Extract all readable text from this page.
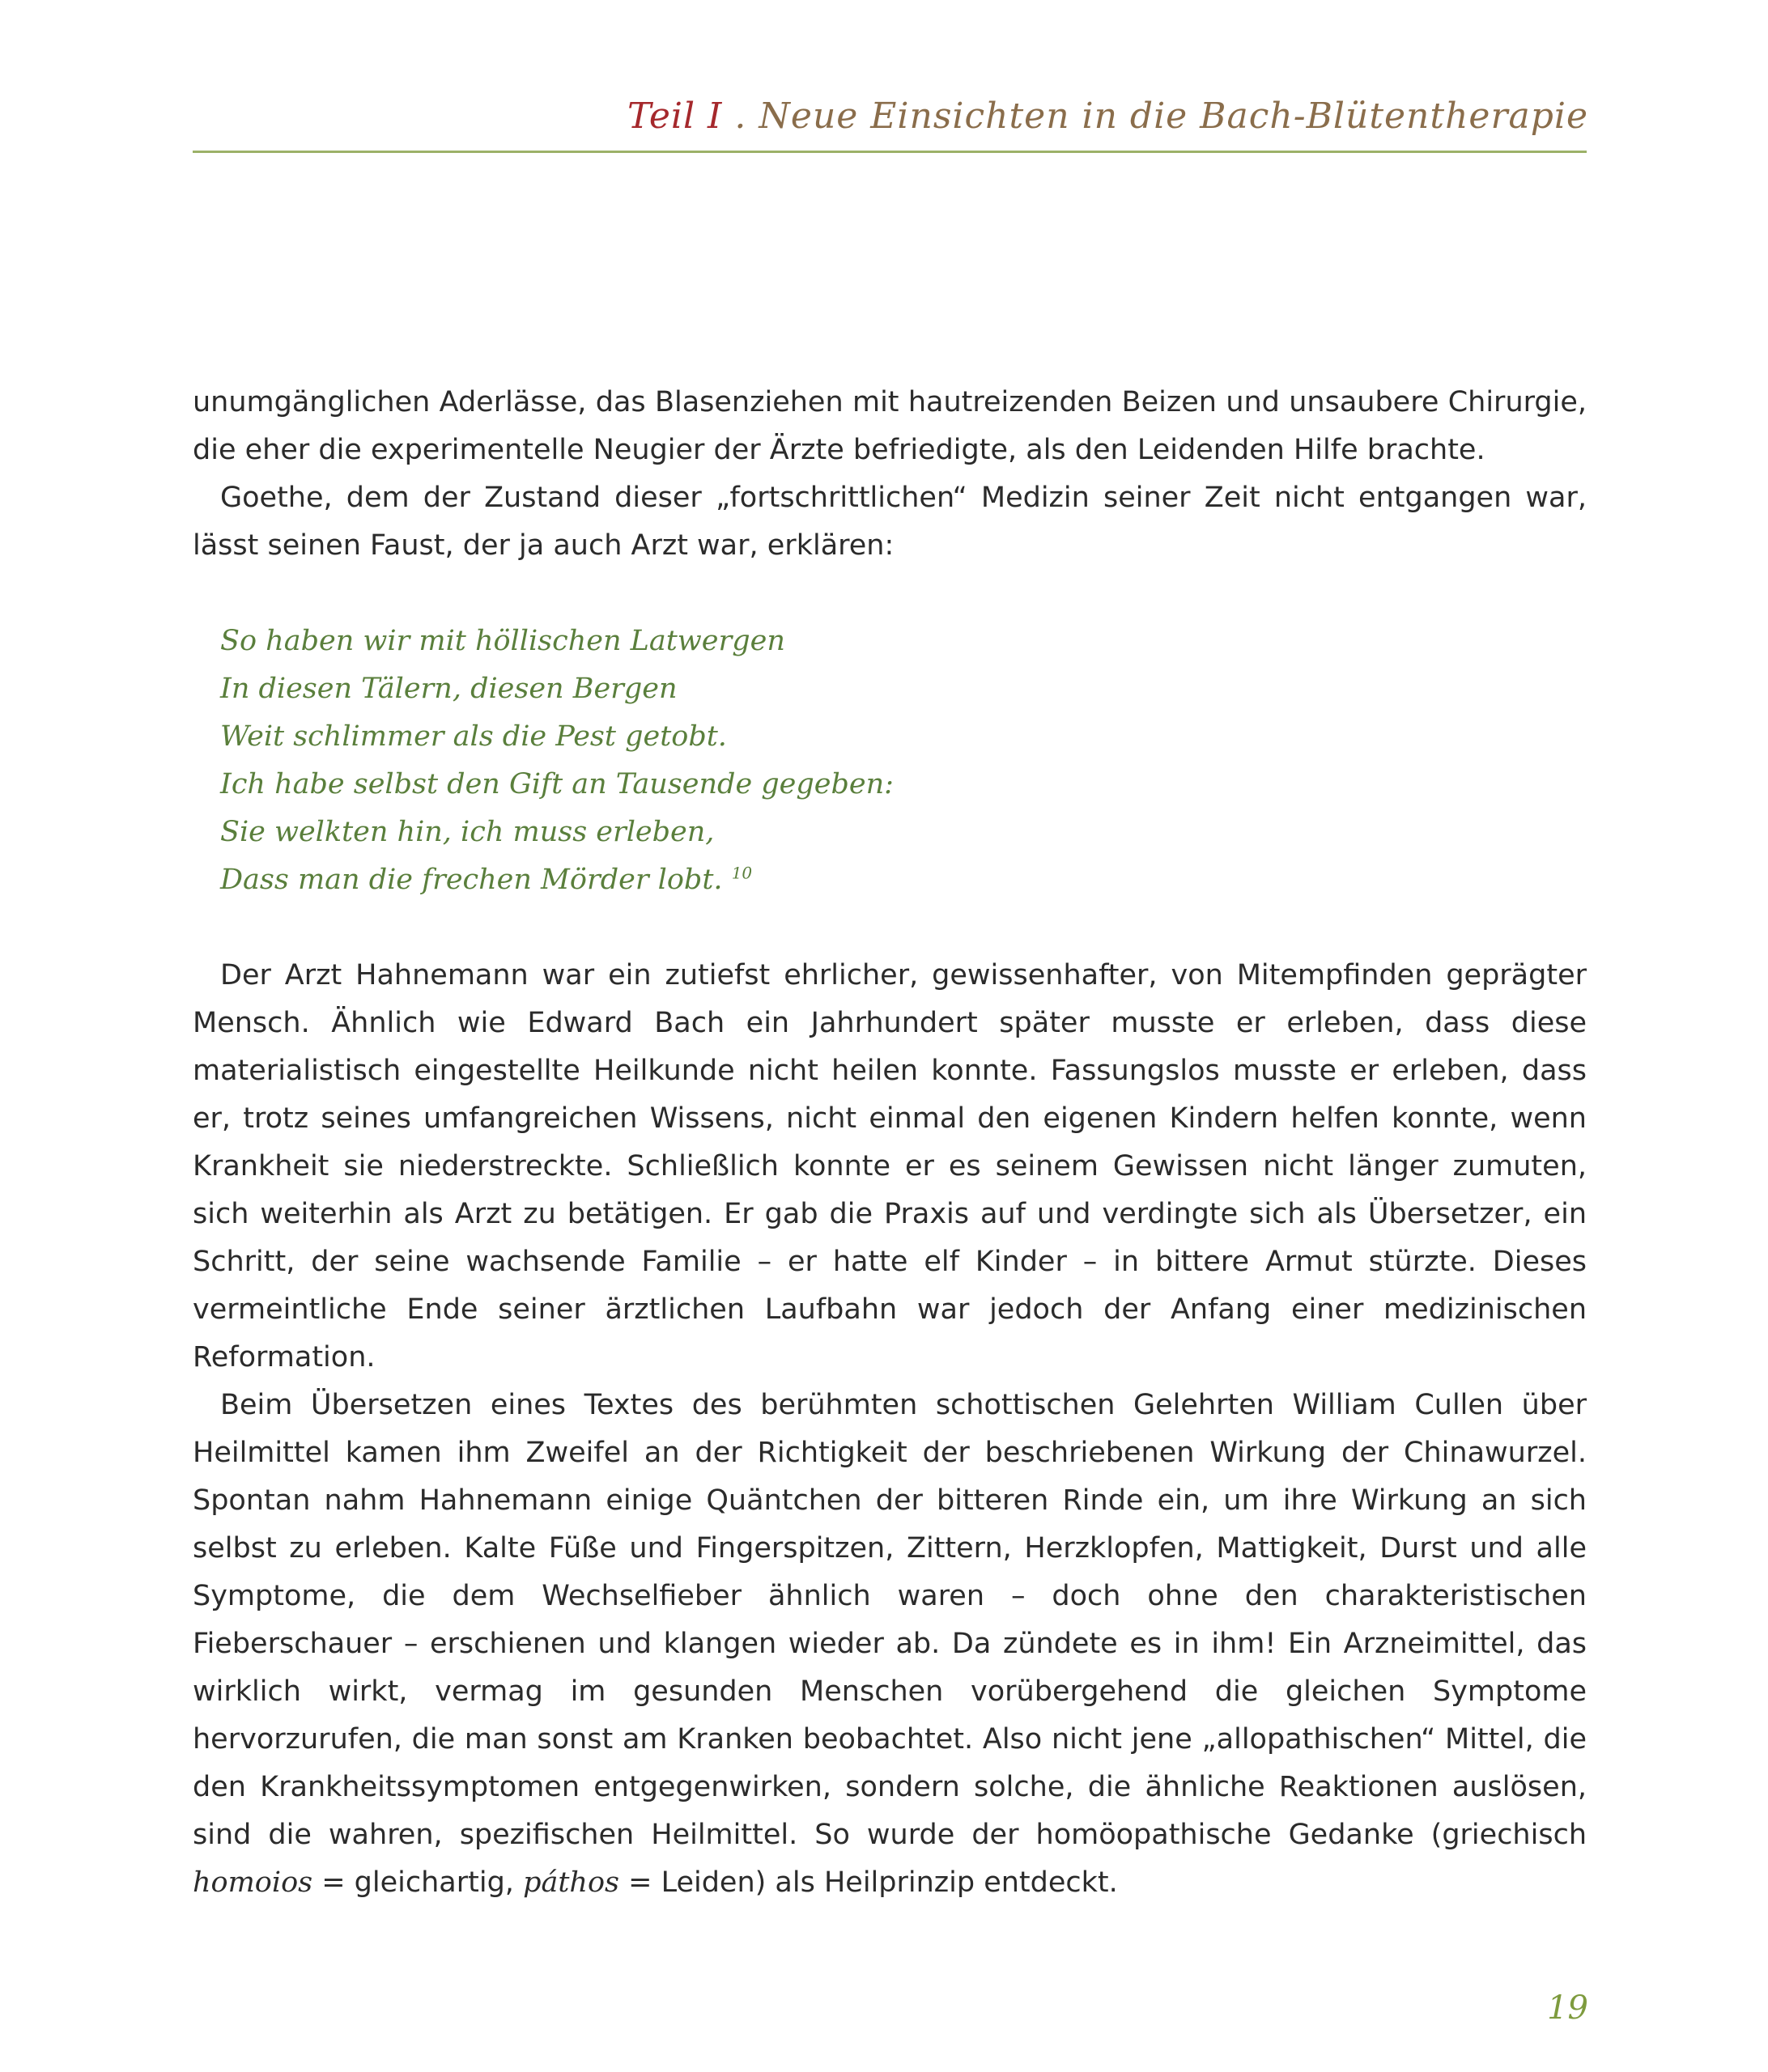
Teil I . Neue Einsichten in die Bach-Blütentherapie

unumgänglichen Aderlässe, das Blasenziehen mit hautreizenden Beizen und unsaubere Chirurgie, die eher die experimentelle Neugier der Ärzte befriedigte, als den Leidenden Hilfe brachte.

Goethe, dem der Zustand dieser „fortschrittlichen“ Medizin seiner Zeit nicht entgangen war, lässt seinen Faust, der ja auch Arzt war, erklären:

So haben wir mit höllischen Latwergen
In diesen Tälern, diesen Bergen
Weit schlimmer als die Pest getobt.
Ich habe selbst den Gift an Tausende gegeben:
Sie welkten hin, ich muss erleben,
Dass man die frechen Mörder lobt. $^{10}$

Der Arzt Hahnemann war ein zutiefst ehrlicher, gewissenhafter, von Mitempfinden geprägter Mensch. Ähnlich wie Edward Bach ein Jahrhundert später musste er erleben, dass diese materialistisch eingestellte Heilkunde nicht heilen konnte. Fassungslos musste er erleben, dass er, trotz seines umfangreichen Wissens, nicht einmal den eigenen Kindern helfen konnte, wenn Krankheit sie niederstreckte. Schließlich konnte er es seinem Gewissen nicht länger zumuten, sich weiterhin als Arzt zu betätigen. Er gab die Praxis auf und verdingte sich als Übersetzer, ein Schritt, der seine wachsende Familie – er hatte elf Kinder – in bittere Armut stürzte. Dieses vermeintliche Ende seiner ärztlichen Laufbahn war jedoch der Anfang einer medizinischen Reformation.

Beim Übersetzen eines Textes des berühmten schottischen Gelehrten William Cullen über Heilmittel kamen ihm Zweifel an der Richtigkeit der beschriebenen Wirkung der Chinawurzel. Spontan nahm Hahnemann einige Quäntchen der bitteren Rinde ein, um ihre Wirkung an sich selbst zu erleben. Kalte Füße und Fingerspitzen, Zittern, Herzklopfen, Mattigkeit, Durst und alle Symptome, die dem Wechselfieber ähnlich waren – doch ohne den charakteristischen Fieberschauer – erschienen und klangen wieder ab. Da zündete es in ihm! Ein Arzneimittel, das wirklich wirkt, vermag im gesunden Menschen vorübergehend die gleichen Symptome hervorzurufen, die man sonst am Kranken beobachtet. Also nicht jene „allopathischen“ Mittel, die den Krankheitssymptomen entgegenwirken, sondern solche, die ähnliche Reaktionen auslösen, sind die wahren, spezifischen Heilmittel. So wurde der homöopathische Gedanke (griechisch homoios = gleichartig, páthos = Leiden) als Heilprinzip entdeckt.

19
